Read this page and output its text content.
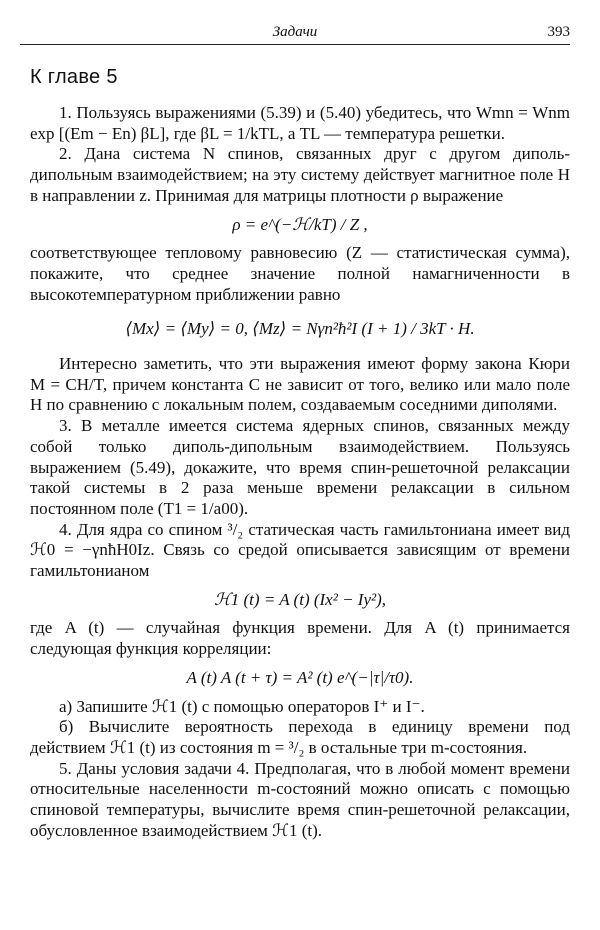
Задачи	393
К главе 5

1. Пользуясь выражениями (5.39) и (5.40) убедитесь, что Wmn = Wnm exp [(Em − En) βL], где βL = 1/kTL, а TL — температура решетки.

2. Дана система N спинов, связанных друг с другом диполь-дипольным взаимодействием; на эту систему действует магнитное поле H в направлении z. Принимая для матрицы плотности ρ выражение

ρ = e^(−ℋ/kT) / Z ,

соответствующее тепловому равновесию (Z — статистическая сумма), покажите, что среднее значение полной намагниченности в высокотемпературном приближении равно

⟨Mx⟩ = ⟨My⟩ = 0, ⟨Mz⟩ = Nγn²ħ²I (I + 1) / 3kT · H.

Интересно заметить, что эти выражения имеют форму закона Кюри M = CH/T, причем константа C не зависит от того, велико или мало поле H по сравнению с локальным полем, создаваемым соседними диполями.

3. В металле имеется система ядерных спинов, связанных между собой только диполь-дипольным взаимодействием. Пользуясь выражением (5.49), докажите, что время спин-решеточной релаксации такой системы в 2 раза меньше времени релаксации в сильном постоянном поле (T1 = 1/a00).

4. Для ядра со спином ³/₂ статическая часть гамильтониана имеет вид ℋ0 = −γnħH0Iz. Связь со средой описывается зависящим от времени гамильтонианом

ℋ1 (t) = A (t) (Ix² − Iy²),

где A (t) — случайная функция времени. Для A (t) принимается следующая функция корреляции:

A (t) A (t + τ) = A² (t) e^(−|τ|/τ0).

а) Запишите ℋ1 (t) с помощью операторов I⁺ и I⁻.

б) Вычислите вероятность перехода в единицу времени под действием ℋ1 (t) из состояния m = ³/₂ в остальные три m-состояния.

5. Даны условия задачи 4. Предполагая, что в любой момент времени относительные населенности m-состояний можно описать с помощью спиновой температуры, вычислите время спин-решеточной релаксации, обусловленное взаимодействием ℋ1 (t).
